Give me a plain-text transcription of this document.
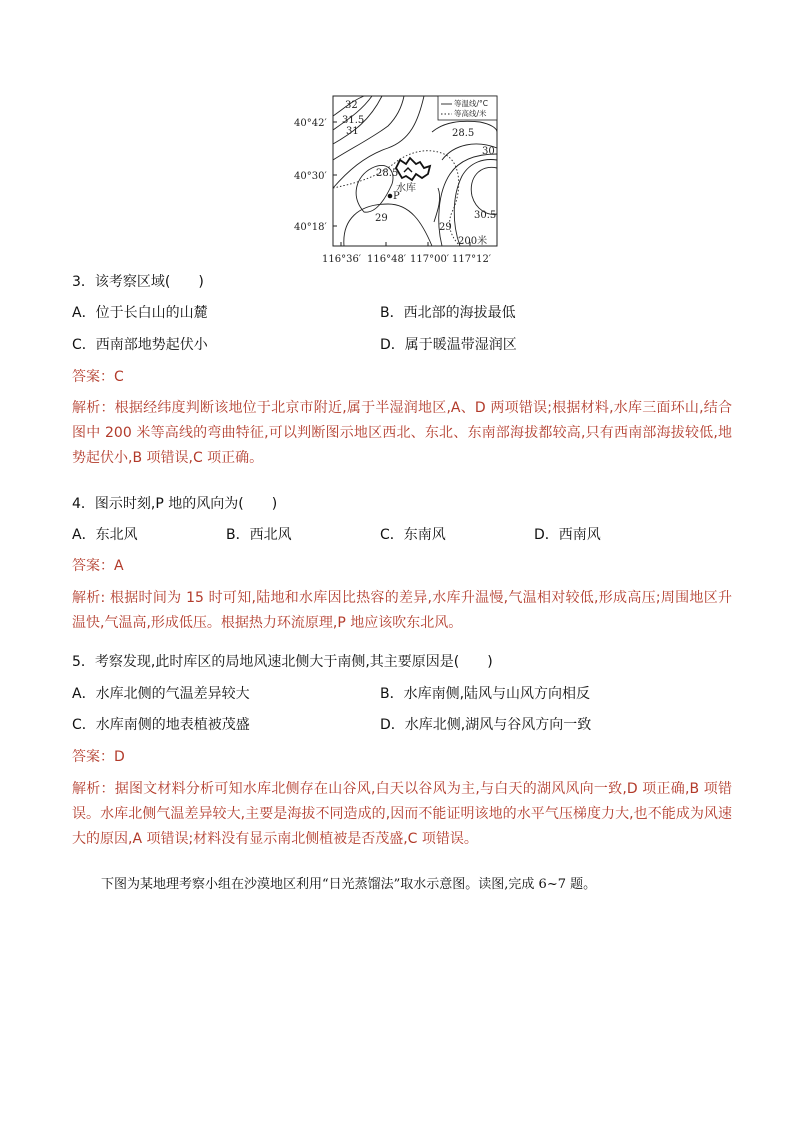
P
水库
32
31.5
31
28.5
28.5
30
30.5
29
29
200米
等温线/°C
等高线/米
40°42′
40°30′
40°18′
116°36′ 116°48′ 117°00′ 117°12′
3．该考察区域(　　)
A．位于长白山的山麓	B．西北部的海拔最低
C．西南部地势起伏小	D．属于暖温带湿润区
答案：C
解析：根据经纬度判断该地位于北京市附近,属于半湿润地区,A、D 两项错误;根据材料,水库三面环山,结合图中 200 米等高线的弯曲特征,可以判断图示地区西北、东北、东南部海拔都较高,只有西南部海拔较低,地势起伏小,B 项错误,C 项正确。
4．图示时刻,P 地的风向为(　　)
A．东北风	B．西北风	C．东南风	D．西南风
答案：A
解析: 根据时间为 15 时可知,陆地和水库因比热容的差异,水库升温慢,气温相对较低,形成高压;周围地区升温快,气温高,形成低压。根据热力环流原理,P 地应该吹东北风。
5．考察发现,此时库区的局地风速北侧大于南侧,其主要原因是(　　)
A．水库北侧的气温差异较大	B．水库南侧,陆风与山风方向相反
C．水库南侧的地表植被茂盛	D．水库北侧,湖风与谷风方向一致
答案：D
解析：据图文材料分析可知水库北侧存在山谷风,白天以谷风为主,与白天的湖风风向一致,D 项正确,B 项错误。水库北侧气温差异较大,主要是海拔不同造成的,因而不能证明该地的水平气压梯度力大,也不能成为风速大的原因,A 项错误;材料没有显示南北侧植被是否茂盛,C 项错误。
下图为某地理考察小组在沙漠地区利用“日光蒸馏法”取水示意图。读图,完成 6~7 题。
